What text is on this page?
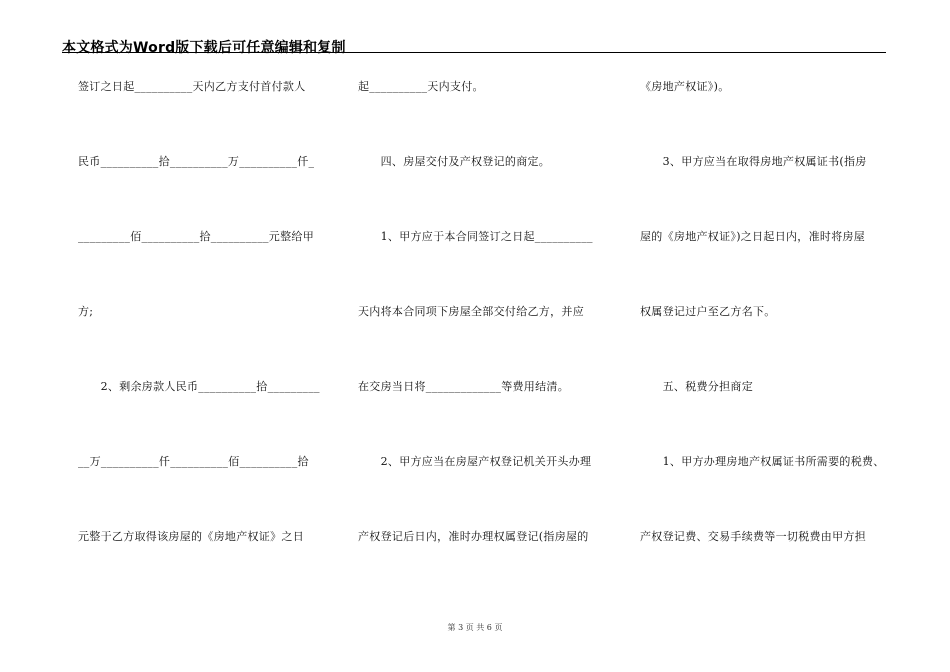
本文格式为Word版下载后可任意编辑和复制
签订之日起__________天内乙方支付首付款人
民币__________拾__________万__________仟_
_________佰__________拾__________元整给甲
方;
　　2、剩余房款人民币__________拾_________
__万__________仟__________佰__________拾
元整于乙方取得该房屋的《房地产权证》之日
起__________天内支付。
　　四、房屋交付及产权登记的商定。
　　1、甲方应于本合同签订之日起__________
天内将本合同项下房屋全部交付给乙方，并应
在交房当日将_____________等费用结清。
　　2、甲方应当在房屋产权登记机关开头办理
产权登记后日内，准时办理权属登记(指房屋的
《房地产权证》)。
　　3、甲方应当在取得房地产权属证书(指房
屋的《房地产权证》)之日起日内，准时将房屋
权属登记过户至乙方名下。
　　五、税费分担商定
　　1、甲方办理房地产权属证书所需要的税费、
产权登记费、交易手续费等一切税费由甲方担
第 3 页 共 6 页
